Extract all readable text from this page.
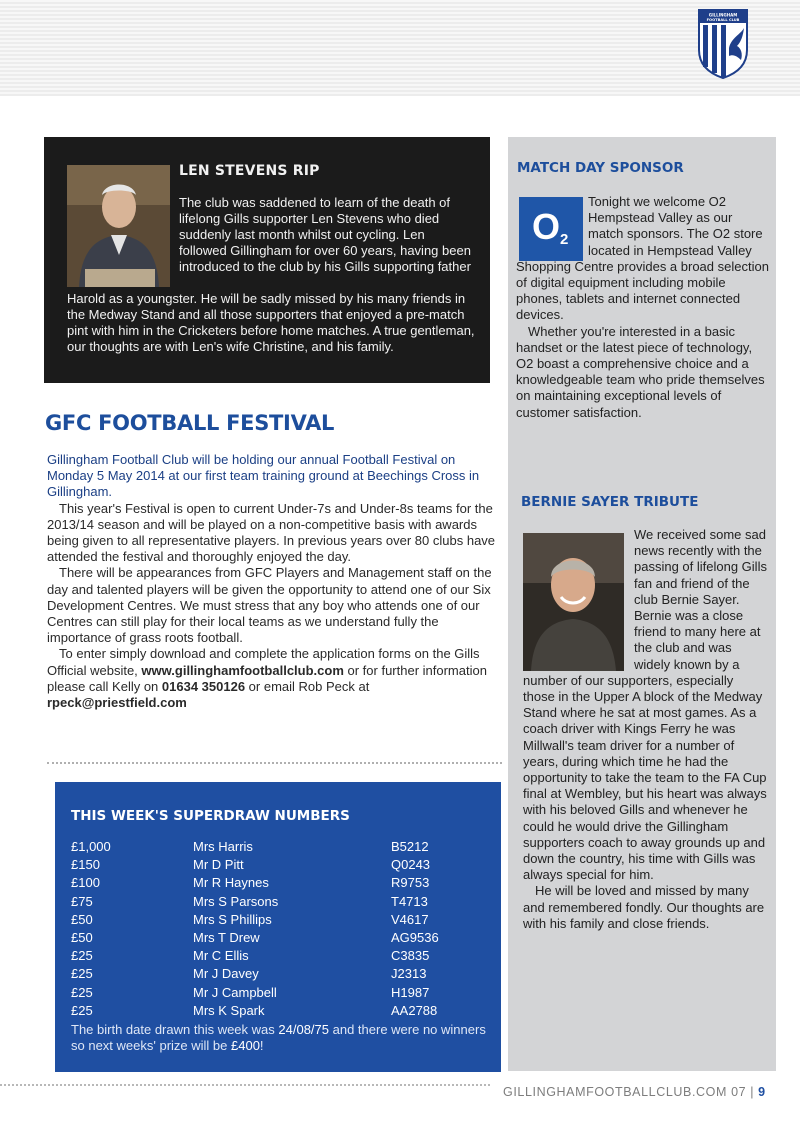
GILLINGHAM
FOOTBALL CLUB
LEN STEVENS RIP
The club was saddened to learn of the death of lifelong Gills supporter Len Stevens who died suddenly last month whilst out cycling. Len followed Gillingham for over 60 years, having been introduced to the club by his Gills supporting father
Harold as a youngster. He will be sadly missed by his many friends in the Medway Stand and all those supporters that enjoyed a pre-match pint with him in the Cricketers before home matches. A true gentleman, our thoughts are with Len's wife Christine, and his family.
GFC FOOTBALL FESTIVAL

Gillingham Football Club will be holding our annual Football Festival on Monday 5 May 2014 at our first team training ground at Beechings Cross in Gillingham.

This year's Festival is open to current Under-7s and Under-8s teams for the 2013/14 season and will be played on a non-competitive basis with awards being given to all representative players. In previous years over 80 clubs have attended the festival and thoroughly enjoyed the day.

There will be appearances from GFC Players and Management staff on the day and talented players will be given the opportunity to attend one of our Six Development Centres. We must stress that any boy who attends one of our Centres can still play for their local teams as we understand fully the importance of grass roots football.

To enter simply download and complete the application forms on the Gills Official website, www.gillinghamfootballclub.com or for further information please call Kelly on 01634 350126 or email Rob Peck at rpeck@priestfield.com

THIS WEEK'S SUPERDRAW NUMBERS
£1,000	Mrs Harris	B5212
£150	Mr D Pitt	Q0243
£100	Mr R Haynes	R9753
£75	Mrs S Parsons	T4713
£50	Mrs S Phillips	V4617
£50	Mrs T Drew	AG9536
£25	Mr C Ellis	C3835
£25	Mr J Davey	J2313
£25	Mr J Campbell	H1987
£25	Mrs K Spark	AA2788
The birth date drawn this week was 24/08/75 and there were no winners so next weeks' prize will be £400!
MATCH DAY SPONSOR
O 2

Tonight we welcome O2 Hempstead Valley as our match sponsors. The O2 store located in Hempstead Valley Shopping Centre provides a broad selection of digital equipment including mobile phones, tablets and internet connected devices.

Whether you're interested in a basic handset or the latest piece of technology, O2 boast a comprehensive choice and a knowledgeable team who pride themselves on maintaining exceptional levels of customer satisfaction.

BERNIE SAYER TRIBUTE

We received some sad news recently with the passing of lifelong Gills fan and friend of the club Bernie Sayer. Bernie was a close friend to many here at the club and was widely known by a number of our supporters, especially those in the Upper A block of the Medway Stand where he sat at most games. As a coach driver with Kings Ferry he was Millwall's team driver for a number of years, during which time he had the opportunity to take the team to the FA Cup final at Wembley, but his heart was always with his beloved Gills and whenever he could he would drive the Gillingham supporters coach to away grounds up and down the country, his time with Gills was always special for him.

He will be loved and missed by many and remembered fondly. Our thoughts are with his family and close friends.

GILLINGHAMFOOTBALLCLUB.COM 07 | 9
